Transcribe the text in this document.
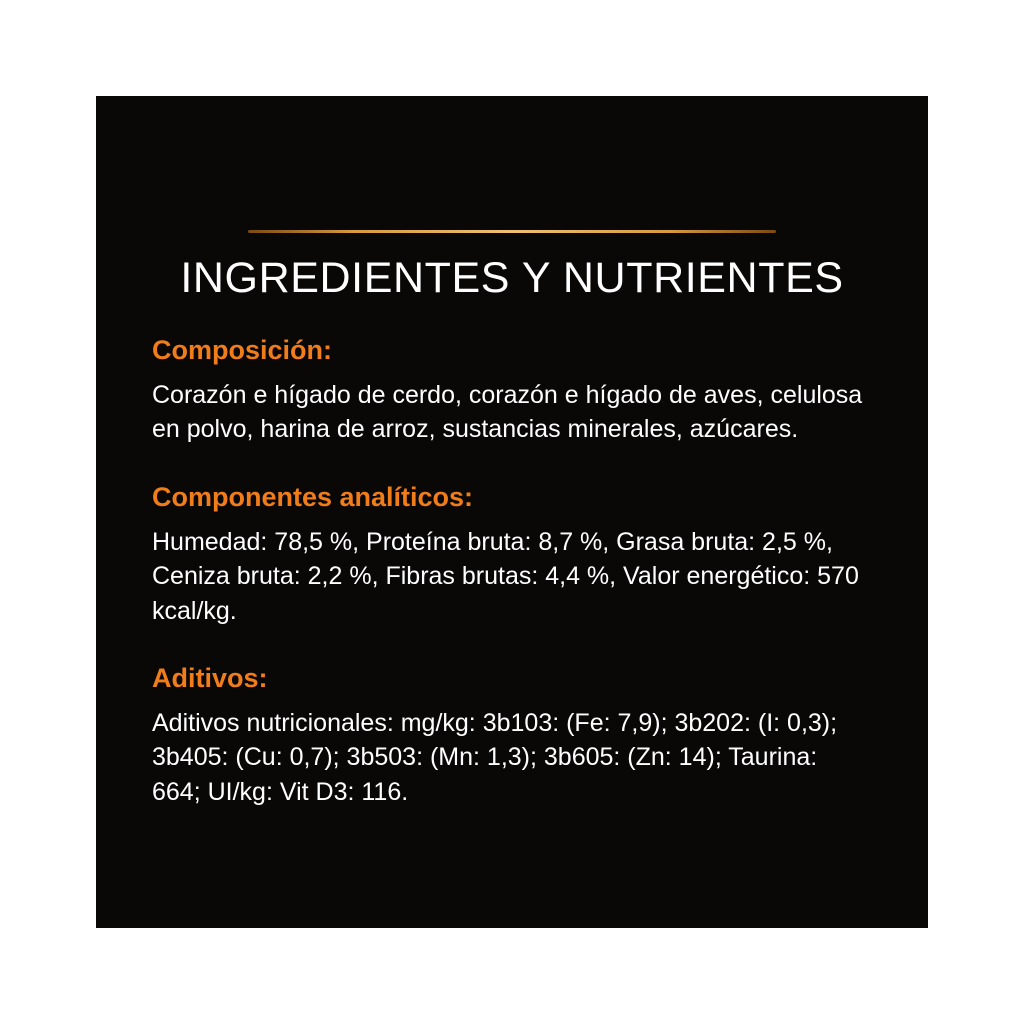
INGREDIENTES Y NUTRIENTES

Composición:

Corazón e hígado de cerdo, corazón e hígado de aves, celulosa en polvo, harina de arroz, sustancias minerales, azúcares.

Componentes analíticos:

Humedad: 78,5 %, Proteína bruta: 8,7 %, Grasa bruta: 2,5 %, Ceniza bruta: 2,2 %, Fibras brutas: 4,4 %, Valor energético: 570 kcal/kg.

Aditivos:

Aditivos nutricionales: mg/kg: 3b103: (Fe: 7,9); 3b202: (I: 0,3); 3b405: (Cu: 0,7); 3b503: (Mn: 1,3); 3b605: (Zn: 14); Taurina: 664; UI/kg: Vit D3: 116.
